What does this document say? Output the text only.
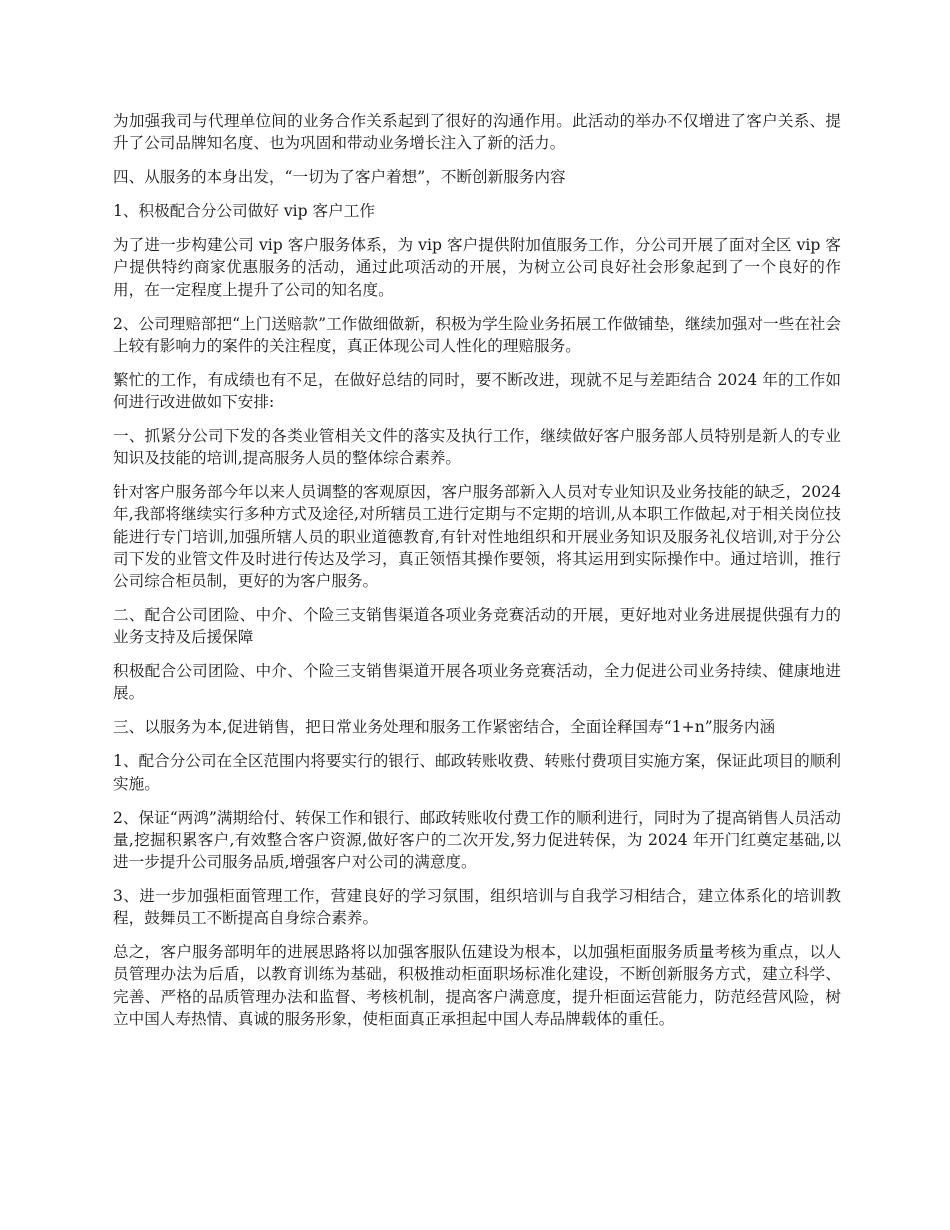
为加强我司与代理单位间的业务合作关系起到了很好的沟通作用。此活动的举办不仅增进了客户关系、提升了公司品牌知名度、也为巩固和带动业务增长注入了新的活力。

四、从服务的本身出发，“一切为了客户着想”，不断创新服务内容

1、积极配合分公司做好 vip 客户工作

为了进一步构建公司 vip 客户服务体系，为 vip 客户提供附加值服务工作，分公司开展了面对全区 vip 客户提供特约商家优惠服务的活动，通过此项活动的开展，为树立公司良好社会形象起到了一个良好的作用，在一定程度上提升了公司的知名度。

2、公司理赔部把“上门送赔款”工作做细做新，积极为学生险业务拓展工作做铺垫，继续加强对一些在社会上较有影响力的案件的关注程度，真正体现公司人性化的理赔服务。

繁忙的工作，有成绩也有不足，在做好总结的同时，要不断改进，现就不足与差距结合 2024 年的工作如何进行改进做如下安排:

一、抓紧分公司下发的各类业管相关文件的落实及执行工作，继续做好客户服务部人员特别是新人的专业知识及技能的培训,提高服务人员的整体综合素养。

针对客户服务部今年以来人员调整的客观原因，客户服务部新入人员对专业知识及业务技能的缺乏，2024 年,我部将继续实行多种方式及途径,对所辖员工进行定期与不定期的培训,从本职工作做起,对于相关岗位技能进行专门培训,加强所辖人员的职业道德教育,有针对性地组织和开展业务知识及服务礼仪培训,对于分公司下发的业管文件及时进行传达及学习，真正领悟其操作要领，将其运用到实际操作中。通过培训，推行公司综合柜员制，更好的为客户服务。

二、配合公司团险、中介、个险三支销售渠道各项业务竞赛活动的开展，更好地对业务进展提供强有力的业务支持及后援保障

积极配合公司团险、中介、个险三支销售渠道开展各项业务竞赛活动，全力促进公司业务持续、健康地进展。

三、以服务为本,促进销售，把日常业务处理和服务工作紧密结合，全面诠释国寿“1+n”服务内涵

1、配合分公司在全区范围内将要实行的银行、邮政转账收费、转账付费项目实施方案，保证此项目的顺利实施。

2、保证“两鸿”满期给付、转保工作和银行、邮政转账收付费工作的顺利进行，同时为了提高销售人员活动量,挖掘积累客户,有效整合客户资源,做好客户的二次开发,努力促进转保，为 2024 年开门红奠定基础,以进一步提升公司服务品质,增强客户对公司的满意度。

3、进一步加强柜面管理工作，营建良好的学习氛围，组织培训与自我学习相结合，建立体系化的培训教程，鼓舞员工不断提高自身综合素养。

总之，客户服务部明年的进展思路将以加强客服队伍建设为根本，以加强柜面服务质量考核为重点，以人员管理办法为后盾，以教育训练为基础，积极推动柜面职场标准化建设，不断创新服务方式，建立科学、完善、严格的品质管理办法和监督、考核机制，提高客户满意度，提升柜面运营能力，防范经营风险，树立中国人寿热情、真诚的服务形象，使柜面真正承担起中国人寿品牌载体的重任。
